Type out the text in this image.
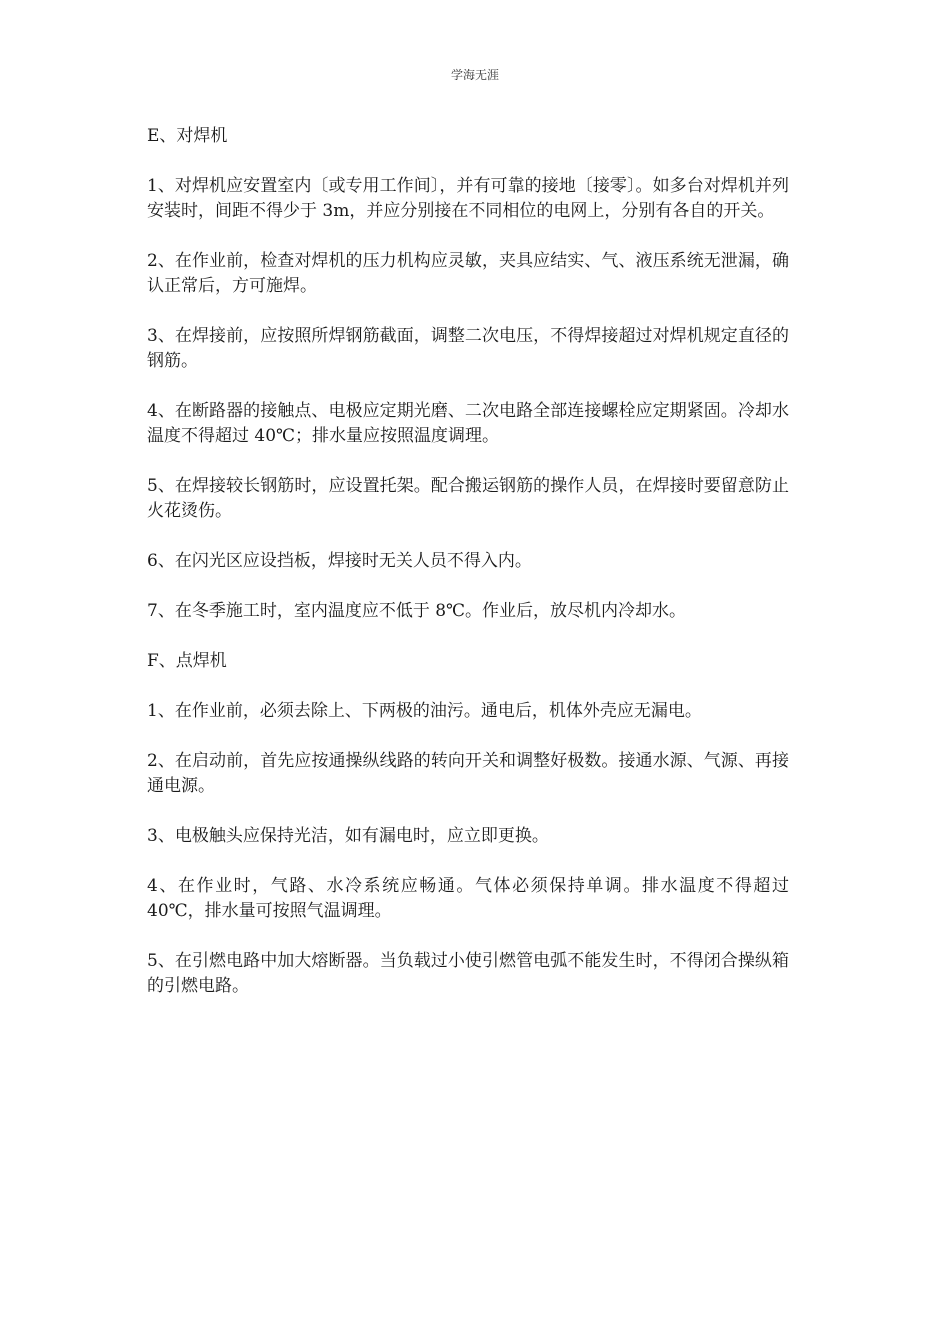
学海无涯

E、对焊机

1、对焊机应安置室内〔或专用工作间〕，并有可靠的接地〔接零〕。如多台对焊机并列安装时，间距不得少于 3m，并应分别接在不同相位的电网上，分别有各自的开关。

2、在作业前，检查对焊机的压力机构应灵敏，夹具应结实、气、液压系统无泄漏，确认正常后，方可施焊。

3、在焊接前，应按照所焊钢筋截面，调整二次电压，不得焊接超过对焊机规定直径的钢筋。

4、在断路器的接触点、电极应定期光磨、二次电路全部连接螺栓应定期紧固。冷却水温度不得超过 40℃；排水量应按照温度调理。

5、在焊接较长钢筋时，应设置托架。配合搬运钢筋的操作人员，在焊接时要留意防止火花烫伤。

6、在闪光区应设挡板，焊接时无关人员不得入内。

7、在冬季施工时，室内温度应不低于 8℃。作业后，放尽机内冷却水。

F、点焊机

1、在作业前，必须去除上、下两极的油污。通电后，机体外壳应无漏电。

2、在启动前，首先应按通操纵线路的转向开关和调整好极数。接通水源、气源、再接通电源。

3、电极触头应保持光洁，如有漏电时，应立即更换。

4、在作业时，气路、水冷系统应畅通。气体必须保持单调。排水温度不得超过 40℃，排水量可按照气温调理。

5、在引燃电路中加大熔断器。当负载过小使引燃管电弧不能发生时，不得闭合操纵箱的引燃电路。
